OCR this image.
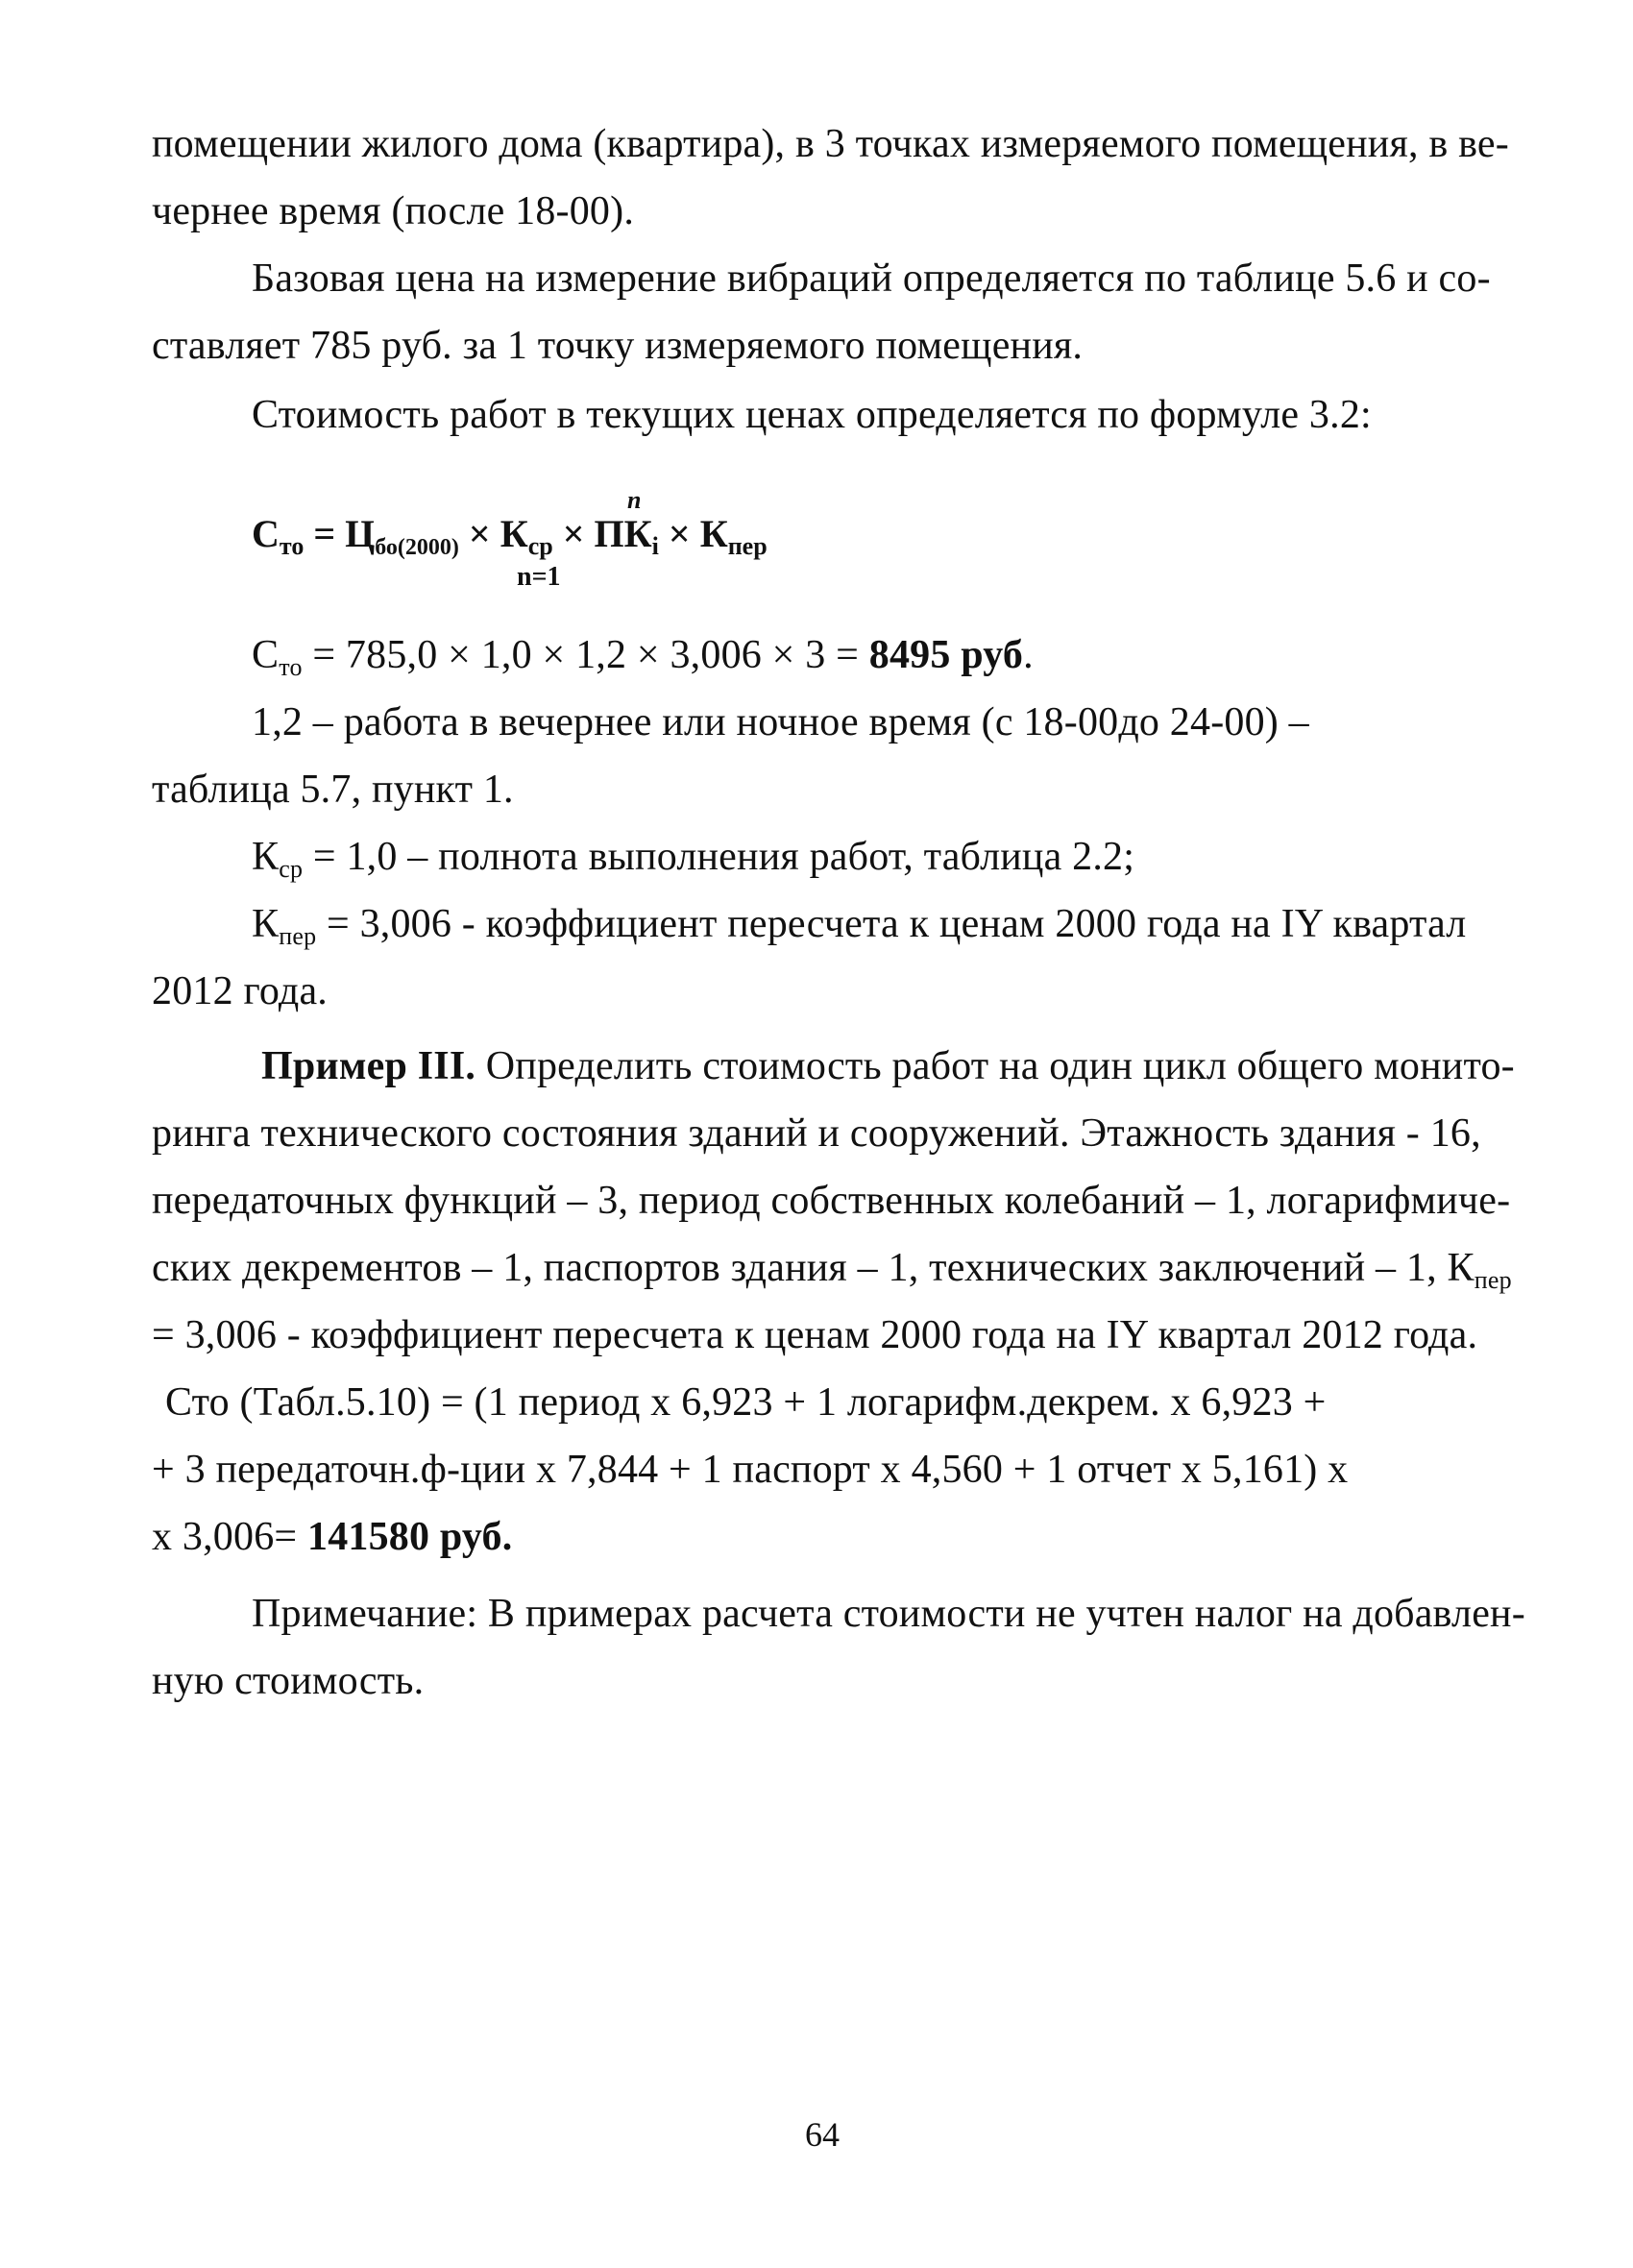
помещении жилого дома (квартира), в 3 точках измеряемого помещения, в ве-
чернее время (после 18-00).
Базовая цена на измерение вибраций определяется по таблице 5.6 и со-
ставляет 785 руб. за 1 точку измеряемого помещения.
Стоимость работ в текущих ценах определяется по формуле 3.2:
n
$С_{то} = Ц_{бо(2000)} \times К_{ср} \times ПК_i \times К_{пер}$
n=1
$С_{то} = 785,0 \times 1,0 \times 1,2 \times 3,006 \times 3 = 8495$ руб.
1,2 – работа в вечернее или ночное время (с 18-00до 24-00) –
таблица 5.7, пункт 1.
$К_{ср} = 1,0$ – полнота выполнения работ, таблица 2.2;
$К_{пер} = 3,006$ - коэффициент пересчета к ценам 2000 года на IY квартал
2012 года.
Пример III. Определить стоимость работ на один цикл общего монито-
ринга технического состояния зданий и сооружений. Этажность здания - 16,
передаточных функций – 3, период собственных колебаний – 1, логарифмиче-
ских декрементов – 1, паспортов здания – 1, технических заключений – 1, $К_{пер}$
= 3,006 - коэффициент пересчета к ценам 2000 года на IY квартал 2012 года.
Сто (Табл.5.10) = (1 период х 6,923 + 1 логарифм.декрем. х 6,923 +
+ 3 передаточн.ф-ции х 7,844 + 1 паспорт х 4,560 + 1 отчет х 5,161) х
х 3,006= 141580 руб.
Примечание: В примерах расчета стоимости не учтен налог на добавлен-
ную стоимость.
64
